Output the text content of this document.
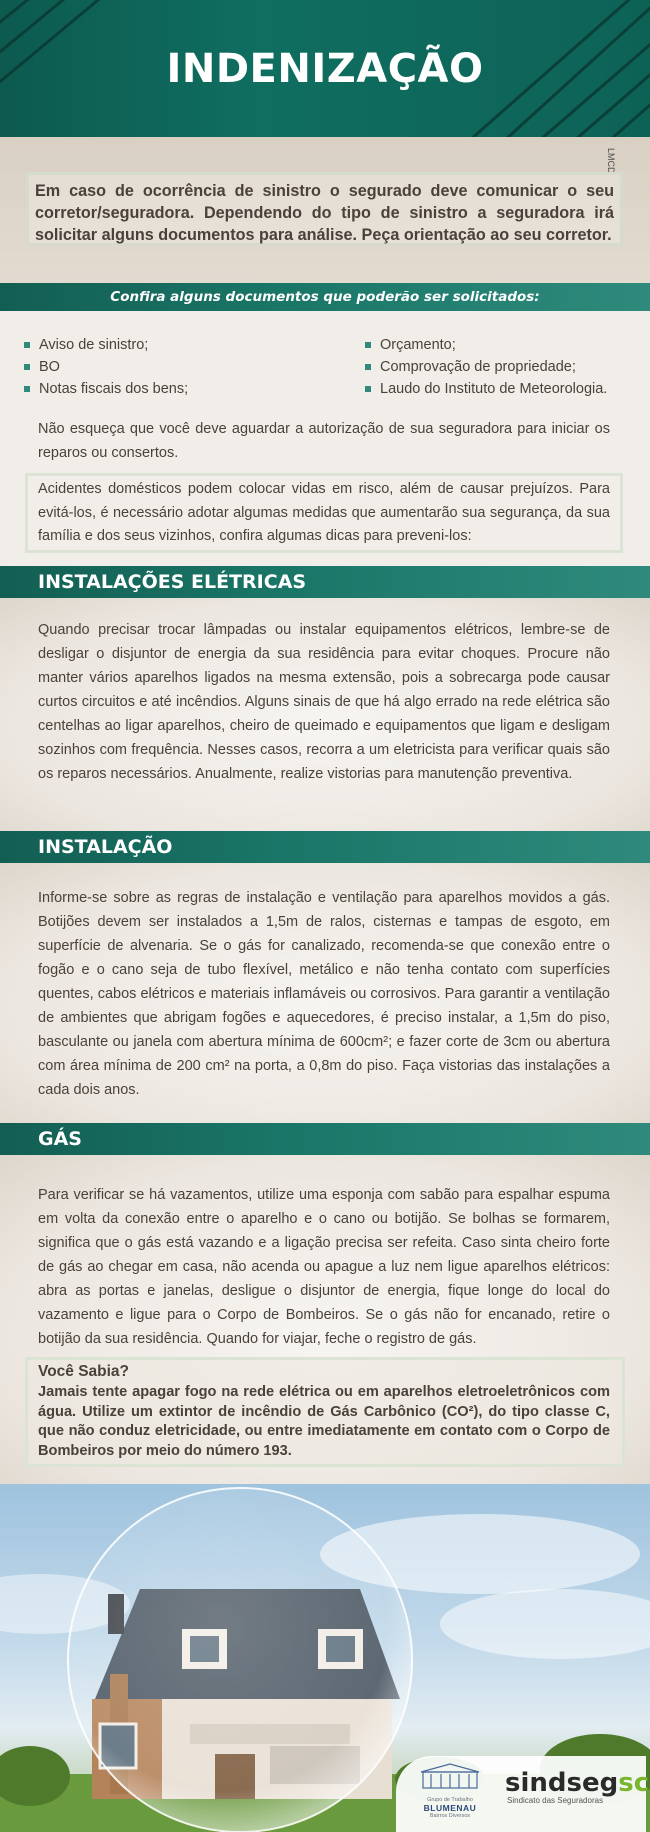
INDENIZAÇÃO
LMCD

Em caso de ocorrência de sinistro o segurado deve comunicar o seu corretor/seguradora. Dependendo do tipo de sinistro a seguradora irá solicitar alguns documentos para análise. Peça orientação ao seu corretor.

Confira alguns documentos que poderão ser solicitados:
Aviso de sinistro;
BO
Notas fiscais dos bens;
Orçamento;
Comprovação de propriedade;
Laudo do Instituto de Meteorologia.

Não esqueça que você deve aguardar a autorização de sua seguradora para iniciar os reparos ou consertos.

Acidentes domésticos podem colocar vidas em risco, além de causar prejuízos. Para evitá-los, é necessário adotar algumas medidas que aumentarão sua segurança, da sua família e dos seus vizinhos, confira algumas dicas para preveni-los:

INSTALAÇÕES ELÉTRICAS

Quando precisar trocar lâmpadas ou instalar equipamentos elétricos, lembre-se de desligar o disjuntor de energia da sua residência para evitar choques. Procure não manter vários aparelhos ligados na mesma extensão, pois a sobrecarga pode causar curtos circuitos e até incêndios. Alguns sinais de que há algo errado na rede elétrica são centelhas ao ligar aparelhos, cheiro de queimado e equipamentos que ligam e desligam sozinhos com frequência. Nesses casos, recorra a um eletricista para verificar quais são os reparos necessários. Anualmente, realize vistorias para manutenção preventiva.

INSTALAÇÃO

Informe-se sobre as regras de instalação e ventilação para aparelhos movidos a gás. Botijões devem ser instalados a 1,5m de ralos, cisternas e tampas de esgoto, em superfície de alvenaria. Se o gás for canalizado, recomenda-se que conexão entre o fogão e o cano seja de tubo flexível, metálico e não tenha contato com superfícies quentes, cabos elétricos e materiais inflamáveis ou corrosivos. Para garantir a ventilação de ambientes que abrigam fogões e aquecedores, é preciso instalar, a 1,5m do piso, basculante ou janela com abertura mínima de 600cm²; e fazer corte de 3cm ou abertura com área mínima de 200 cm² na porta, a 0,8m do piso. Faça vistorias das instalações a cada dois anos.

GÁS

Para verificar se há vazamentos, utilize uma esponja com sabão para espalhar espuma em volta da conexão entre o aparelho e o cano ou botijão. Se bolhas se formarem, significa que o gás está vazando e a ligação precisa ser refeita. Caso sinta cheiro forte de gás ao chegar em casa, não acenda ou apague a luz nem ligue aparelhos elétricos: abra as portas e janelas, desligue o disjuntor de energia, fique longe do local do vazamento e ligue para o Corpo de Bombeiros. Se o gás não for encanado, retire o botijão da sua residência. Quando for viajar, feche o registro de gás.

Você Sabia?

Jamais tente apagar fogo na rede elétrica ou em aparelhos eletroeletrônicos com água. Utilize um extintor de incêndio de Gás Carbônico (CO²), do tipo classe C, que não conduz eletricidade, ou entre imediatamente em contato com o Corpo de Bombeiros por meio do número 193.

Grupo de Trabalho
BLUMENAU
Bairros Diversos
sindsegsc
Sindicato das Seguradoras
